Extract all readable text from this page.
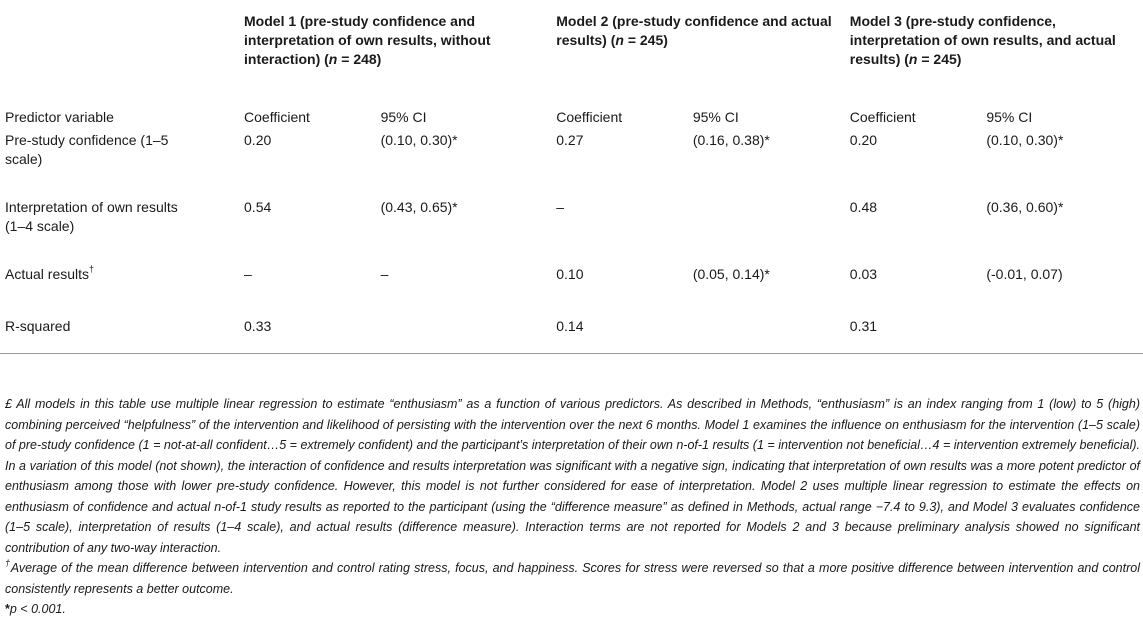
	Model 1 (pre-study confidence and interpretation of own results, without interaction) (n = 248)		Model 2 (pre-study confidence and actual results) (n = 245)		Model 3 (pre-study confidence, interpretation of own results, and actual results) (n = 245)	
Predictor variable	Coefficient	95% CI	Coefficient	95% CI	Coefficient	95% CI
Pre-study confidence (1–5 scale)	0.20	(0.10, 0.30)*	0.27	(0.16, 0.38)*	0.20	(0.10, 0.30)*
Interpretation of own results (1–4 scale)	0.54	(0.43, 0.65)*	–		0.48	(0.36, 0.60)*
Actual results†	–	–	0.10	(0.05, 0.14)*	0.03	(-0.01, 0.07)
R-squared	0.33		0.14		0.31	

£ All models in this table use multiple linear regression to estimate “enthusiasm” as a function of various predictors. As described in Methods, “enthusiasm” is an index ranging from 1 (low) to 5 (high) combining perceived “helpfulness” of the intervention and likelihood of persisting with the intervention over the next 6 months. Model 1 examines the influence on enthusiasm for the intervention (1–5 scale) of pre-study confidence (1 = not-at-all confident…5 = extremely confident) and the participant’s interpretation of their own n-of-1 results (1 = intervention not beneficial…4 = intervention extremely beneficial). In a variation of this model (not shown), the interaction of confidence and results interpretation was significant with a negative sign, indicating that interpretation of own results was a more potent predictor of enthusiasm among those with lower pre-study confidence. However, this model is not further considered for ease of interpretation. Model 2 uses multiple linear regression to estimate the effects on enthusiasm of confidence and actual n-of-1 study results as reported to the participant (using the “difference measure” as defined in Methods, actual range −7.4 to 9.3), and Model 3 evaluates confidence (1–5 scale), interpretation of results (1–4 scale), and actual results (difference measure). Interaction terms are not reported for Models 2 and 3 because preliminary analysis showed no significant contribution of any two-way interaction.

†Average of the mean difference between intervention and control rating stress, focus, and happiness. Scores for stress were reversed so that a more positive difference between intervention and control consistently represents a better outcome.

*p < 0.001.
